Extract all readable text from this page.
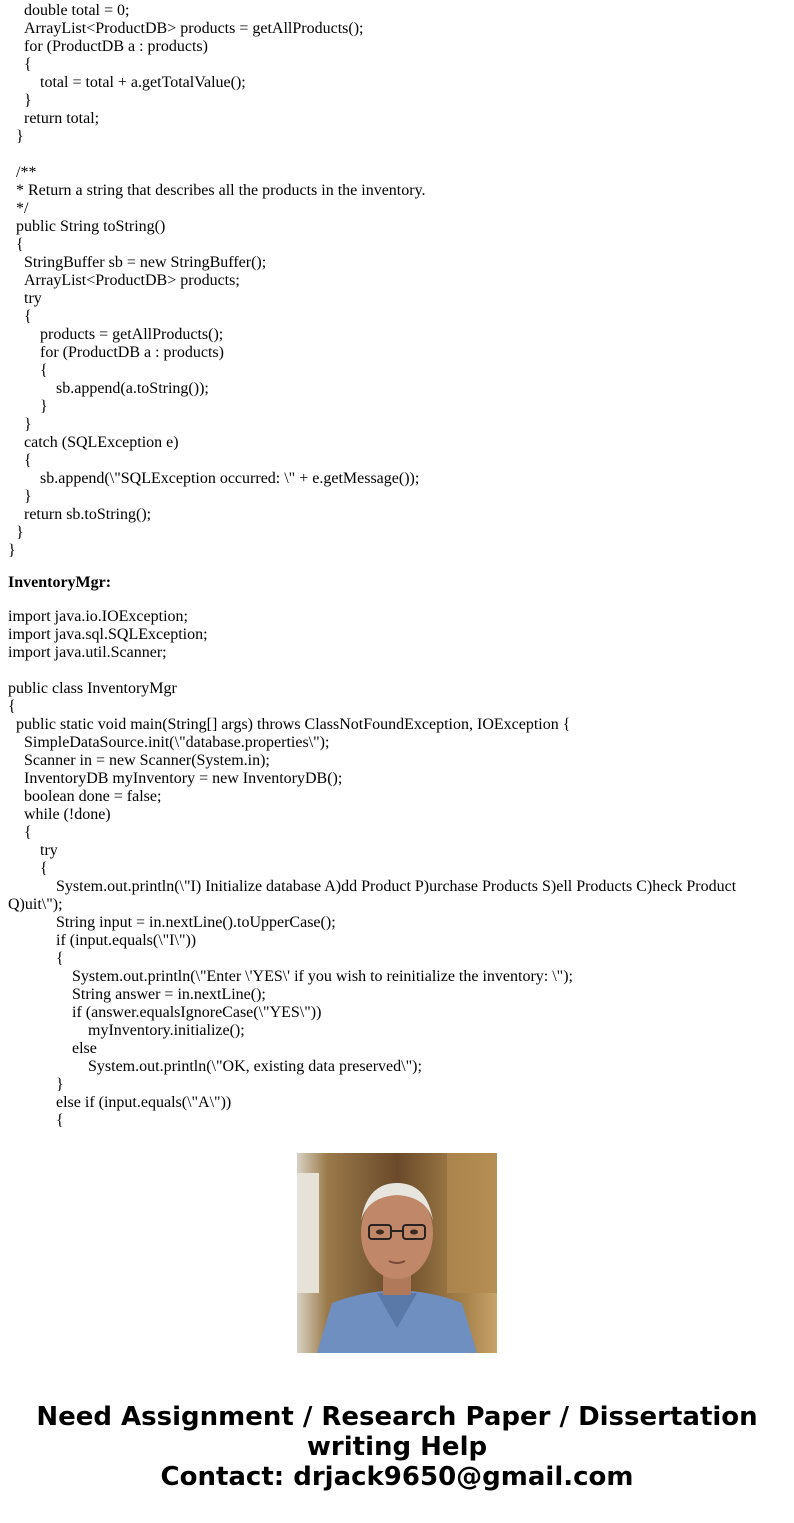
double total = 0;
ArrayList<ProductDB> products = getAllProducts();
for (ProductDB a : products)
{
total = total + a.getTotalValue();
}
return total;
}
/**
* Return a string that describes all the products in the inventory.
*/
public String toString()
{
StringBuffer sb = new StringBuffer();
ArrayList<ProductDB> products;
try
{
products = getAllProducts();
for (ProductDB a : products)
{
sb.append(a.toString());
}
}
catch (SQLException e)
{
sb.append(\"SQLException occurred: \" + e.getMessage());
}
return sb.toString();
}
}
InventoryMgr:
import java.io.IOException;
import java.sql.SQLException;
import java.util.Scanner;
public class InventoryMgr
{
public static void main(String[] args) throws ClassNotFoundException, IOException {
SimpleDataSource.init(\"database.properties\");
Scanner in = new Scanner(System.in);
InventoryDB myInventory = new InventoryDB();
boolean done = false;
while (!done)
{
try
{
System.out.println(\"I) Initialize database A)dd Product P)urchase Products S)ell Products C)heck Product Q)uit\");
String input = in.nextLine().toUpperCase();
if (input.equals(\"I\"))
{
System.out.println(\"Enter \'YES\' if you wish to reinitialize the inventory: \");
String answer = in.nextLine();
if (answer.equalsIgnoreCase(\"YES\"))
myInventory.initialize();
else
System.out.println(\"OK, existing data preserved\");
}
else if (input.equals(\"A\"))
{
Need Assignment / Research Paper / Dissertation
writing Help
Contact: drjack9650@gmail.com
